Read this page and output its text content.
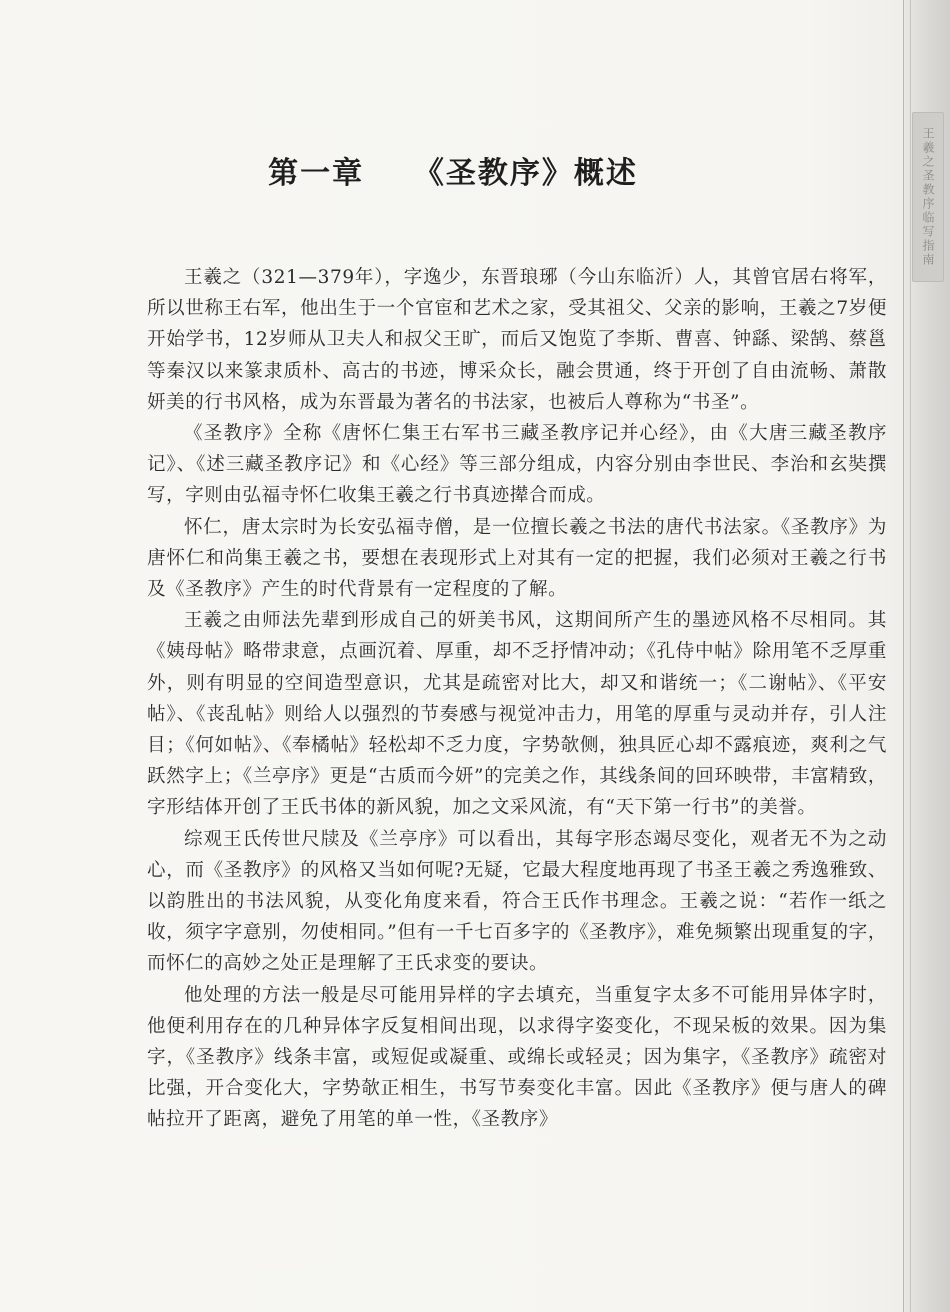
王羲之圣教序临写指南
第一章    《圣教序》概述

王羲之（321—379年），字逸少，东晋琅琊（今山东临沂）人，其曾官居右将军，所以世称王右军，他出生于一个官宦和艺术之家，受其祖父、父亲的影响，王羲之7岁便开始学书，12岁师从卫夫人和叔父王旷，而后又饱览了李斯、曹喜、钟繇、梁鹄、蔡邕等秦汉以来篆隶质朴、高古的书迹，博采众长，融会贯通，终于开创了自由流畅、萧散妍美的行书风格，成为东晋最为著名的书法家，也被后人尊称为“书圣”。

《圣教序》全称《唐怀仁集王右军书三藏圣教序记并心经》，由《大唐三藏圣教序记》、《述三藏圣教序记》和《心经》等三部分组成，内容分别由李世民、李治和玄奘撰写，字则由弘福寺怀仁收集王羲之行书真迹撵合而成。

怀仁，唐太宗时为长安弘福寺僧，是一位擅长羲之书法的唐代书法家。《圣教序》为唐怀仁和尚集王羲之书，要想在表现形式上对其有一定的把握，我们必须对王羲之行书及《圣教序》产生的时代背景有一定程度的了解。

王羲之由师法先辈到形成自己的妍美书风，这期间所产生的墨迹风格不尽相同。其《姨母帖》略带隶意，点画沉着、厚重，却不乏抒情冲动；《孔侍中帖》除用笔不乏厚重外，则有明显的空间造型意识，尤其是疏密对比大，却又和谐统一；《二谢帖》、《平安帖》、《丧乱帖》则给人以强烈的节奏感与视觉冲击力，用笔的厚重与灵动并存，引人注目；《何如帖》、《奉橘帖》轻松却不乏力度，字势欹侧，独具匠心却不露痕迹，爽利之气跃然字上；《兰亭序》更是“古质而今妍”的完美之作，其线条间的回环映带，丰富精致，字形结体开创了王氏书体的新风貌，加之文采风流，有“天下第一行书”的美誉。

综观王氏传世尺牍及《兰亭序》可以看出，其每字形态竭尽变化，观者无不为之动心，而《圣教序》的风格又当如何呢?无疑，它最大程度地再现了书圣王羲之秀逸雅致、以韵胜出的书法风貌，从变化角度来看，符合王氏作书理念。王羲之说：“若作一纸之收，须字字意别，勿使相同。”但有一千七百多字的《圣教序》，难免频繁出现重复的字，而怀仁的高妙之处正是理解了王氏求变的要诀。

他处理的方法一般是尽可能用异样的字去填充，当重复字太多不可能用异体字时，他便利用存在的几种异体字反复相间出现，以求得字姿变化，不现呆板的效果。因为集字，《圣教序》线条丰富，或短促或凝重、或绵长或轻灵；因为集字，《圣教序》疏密对比强，开合变化大，字势欹正相生，书写节奏变化丰富。因此《圣教序》便与唐人的碑帖拉开了距离，避免了用笔的单一性，《圣教序》
